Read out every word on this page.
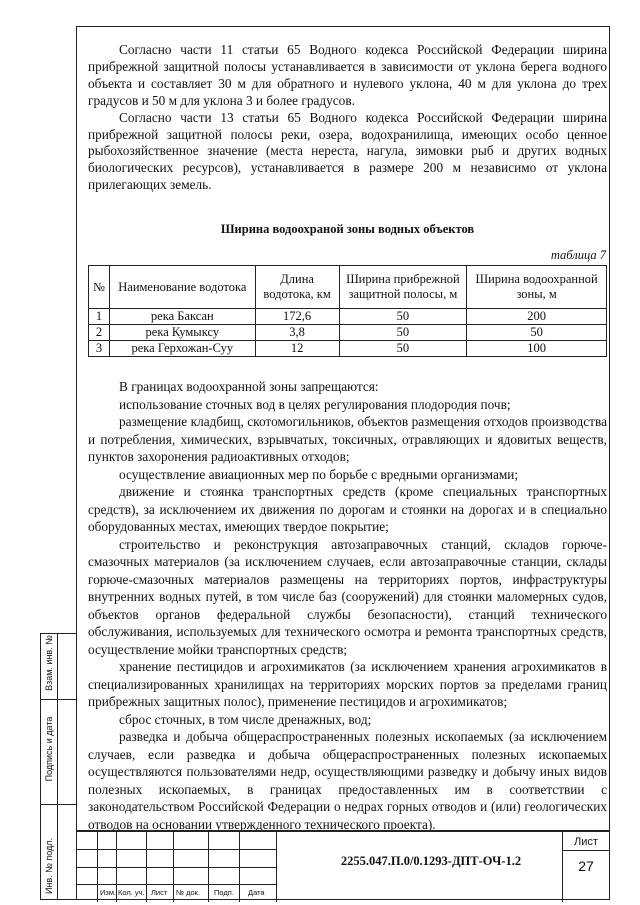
Инв. № подл.
Подпись и дата
Взам. инв. №

Согласно части 11 статьи 65 Водного кодекса Российской Федерации ширина прибрежной защитной полосы устанавливается в зависимости от уклона берега водного объекта и составляет 30 м для обратного и нулевого уклона, 40 м для уклона до трех градусов и 50 м для уклона 3 и более градусов.

Согласно части 13 статьи 65 Водного кодекса Российской Федерации ширина прибрежной защитной полосы реки, озера, водохранилища, имеющих особо ценное рыбохозяйственное значение (места нереста, нагула, зимовки рыб и других водных биологических ресурсов), устанавливается в размере 200 м независимо от уклона прилегающих земель.

Ширина водоохраной зоны водных объектов
таблица 7
№	Наименование водотока	Длина водотока, км	Ширина прибрежной защитной полосы, м	Ширина водоохранной зоны, м
1	река Баксан	172,6	50	200
2	река Кумыксу	3,8	50	50
3	река Герхожан-Суу	12	50	100

В границах водоохранной зоны запрещаются:

использование сточных вод в целях регулирования плодородия почв;

размещение кладбищ, скотомогильников, объектов размещения отходов производства и потребления, химических, взрывчатых, токсичных, отравляющих и ядовитых веществ, пунктов захоронения радиоактивных отходов;

осуществление авиационных мер по борьбе с вредными организмами;

движение и стоянка транспортных средств (кроме специальных транспортных средств), за исключением их движения по дорогам и стоянки на дорогах и в специально оборудованных местах, имеющих твердое покрытие;

строительство и реконструкция автозаправочных станций, складов горюче-смазочных материалов (за исключением случаев, если автозаправочные станции, склады горюче-смазочных материалов размещены на территориях портов, инфраструктуры внутренних водных путей, в том числе баз (сооружений) для стоянки маломерных судов, объектов органов федеральной службы безопасности), станций технического обслуживания, используемых для технического осмотра и ремонта транспортных средств, осуществление мойки транспортных средств;

хранение пестицидов и агрохимикатов (за исключением хранения агрохимикатов в специализированных хранилищах на территориях морских портов за пределами границ прибрежных защитных полос), применение пестицидов и агрохимикатов;

сброс сточных, в том числе дренажных, вод;

разведка и добыча общераспространенных полезных ископаемых (за исключением случаев, если разведка и добыча общераспространенных полезных ископаемых осуществляются пользователями недр, осуществляющими разведку и добычу иных видов полезных ископаемых, в границах предоставленных им в соответствии с законодательством Российской Федерации о недрах горных отводов и (или) геологических отводов на основании утвержденного технического проекта).

Изм. Кол. уч. Лист № док. Подп. Дата
2255.047.П.0/0.1293-ДПТ-ОЧ-1.2
Лист
27
